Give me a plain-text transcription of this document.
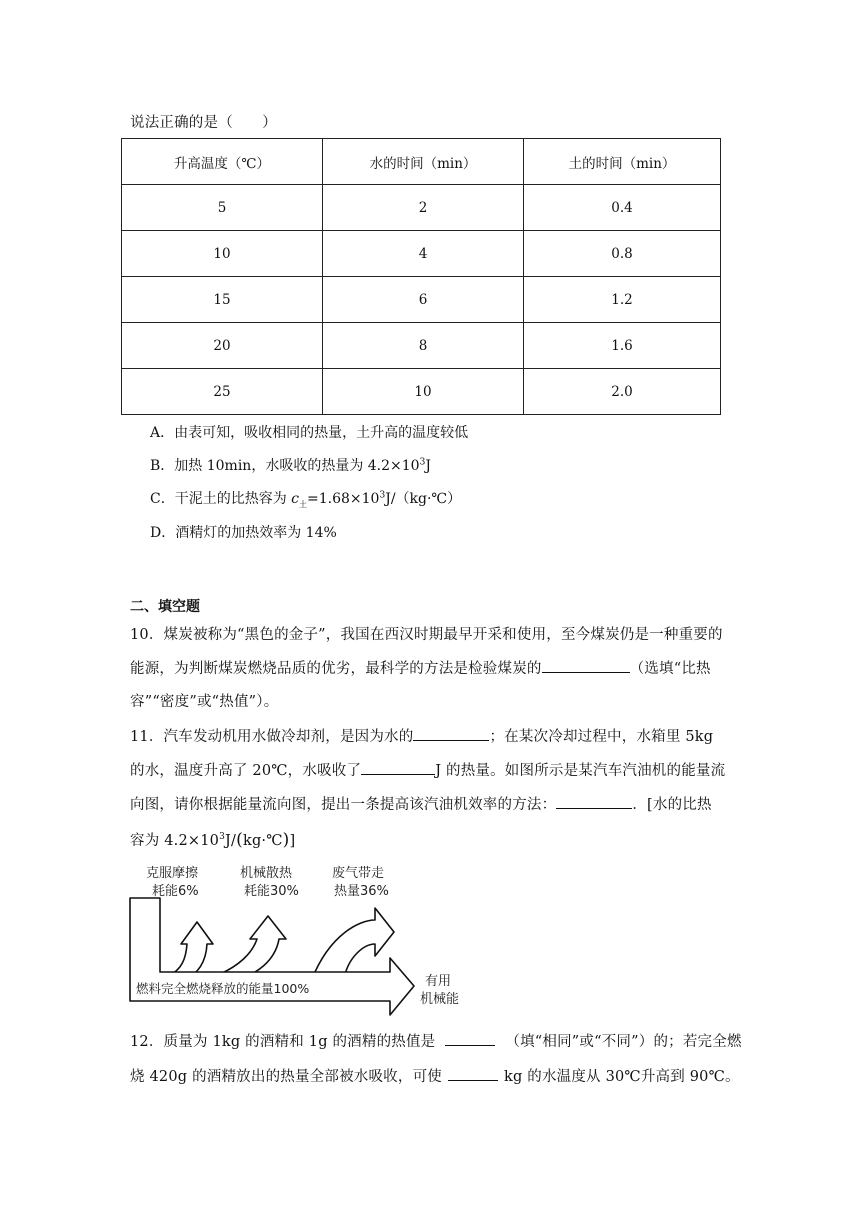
说法正确的是（　　）
升高温度（℃）	水的时间（min）	土的时间（min）
5	2	0.4
10	4	0.8
15	6	1.2
20	8	1.6
25	10	2.0
A．由表可知，吸收相同的热量，土升高的温度较低
B．加热 10min，水吸收的热量为 $4.2\times 10^3J$
C．干泥土的比热容为 $c_土=1.68\times 10^3J/(kg\cdot℃)$
D．酒精灯的加热效率为 14%
二、填空题
10．煤炭被称为“黑色的金子”，我国在西汉时期最早开采和使用，至今煤炭仍是一种重要的
能源，为判断煤炭燃烧品质的优劣，最科学的方法是检验煤炭的	（选填“比热
容”“密度”或“热值”）。
11．汽车发动机用水做冷却剂，是因为水的	；在某次冷却过程中，水箱里 5kg
的水，温度升高了 20℃，水吸收了	J 的热量。如图所示是某汽车汽油机的能量流
向图，请你根据能量流向图，提出一条提高该汽油机效率的方法：	．[水的比热
容为 $4.2\times 10^3J/(kg\cdot℃)$]
克服摩擦
耗能6%
机械散热
耗能30%
废气带走
热量36%
燃料完全燃烧释放的能量100%	有用
机械能
12．质量为 1kg 的酒精和 1g 的酒精的热值是	（填“相同”或“不同”）的；若完全燃
烧 420g 的酒精放出的热量全部被水吸收，可使	kg 的水温度从 30℃升高到 90℃。
